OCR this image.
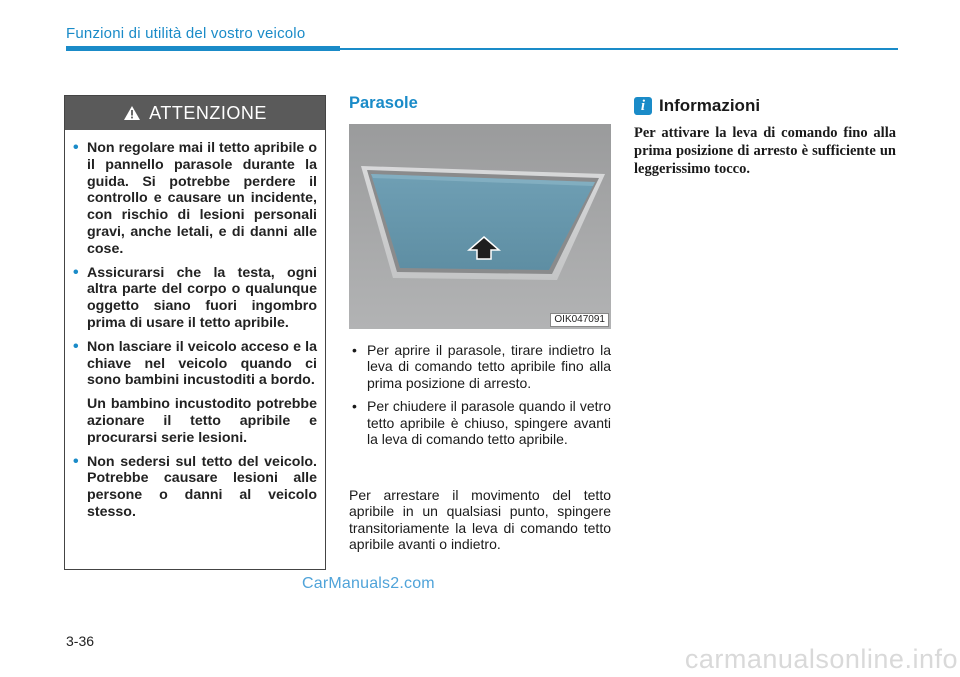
Funzioni di utilità del vostro veicolo
ATTENZIONE
• Non regolare mai il tetto apribile o il pannello parasole durante la guida. Si potrebbe perdere il controllo e causare un incidente, con rischio di lesioni personali gravi, anche letali, e di danni alle cose.
• Assicurarsi che la testa, ogni altra parte del corpo o qualunque oggetto siano fuori ingombro prima di usare il tetto apribile.
• Non lasciare il veicolo acceso e la chiave nel veicolo quando ci sono bambini incustoditi a bordo.
Un bambino incustodito potrebbe azionare il tetto apribile e procurarsi serie lesioni.
• Non sedersi sul tetto del veicolo. Potrebbe causare lesioni alle persone o danni al veicolo stesso.
Parasole
OIK047091
• Per aprire il parasole, tirare indietro la leva di comando tetto apribile fino alla prima posizione di arresto.
• Per chiudere il parasole quando il vetro tetto apribile è chiuso, spingere avanti la leva di comando tetto apribile.

Per arrestare il movimento del tetto apribile in un qualsiasi punto, spingere transitoriamente la leva di comando tetto apribile avanti o indietro.

i Informazioni

Per attivare la leva di comando fino alla prima posizione di arresto è sufficiente un leggerissimo tocco.

CarManuals2.com
3-36
carmanualsonline.info
